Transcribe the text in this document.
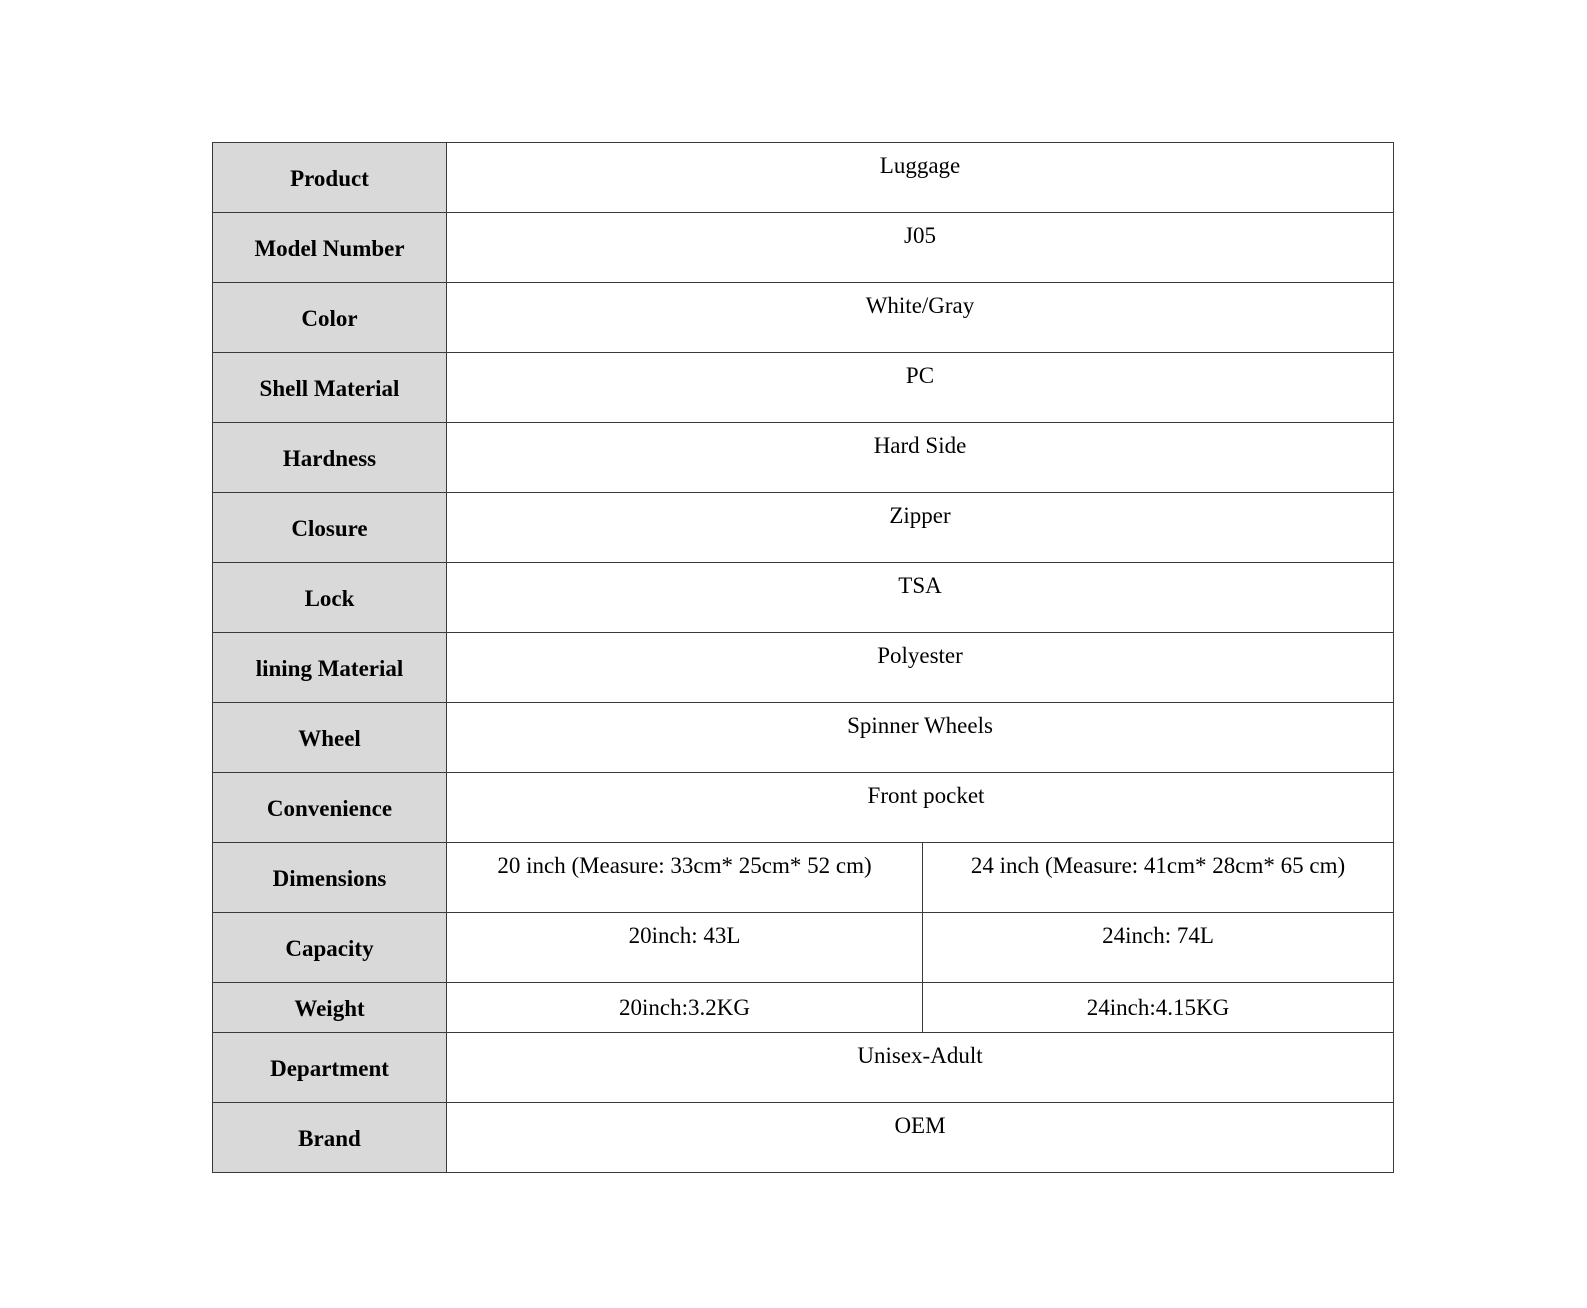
Product	Luggage	
Model Number	J05	
Color	White/Gray	
Shell Material	PC	
Hardness	Hard Side	
Closure	Zipper	
Lock	TSA	
lining Material	Polyester	
Wheel	Spinner Wheels	
Convenience	Front pocket	
Dimensions	20 inch (Measure: 33cm* 25cm* 52 cm)	24 inch (Measure: 41cm* 28cm* 65 cm)
Capacity	20inch: 43L	24inch: 74L
Weight	20inch:3.2KG	24inch:4.15KG
Department	Unisex-Adult	
Brand	OEM	
